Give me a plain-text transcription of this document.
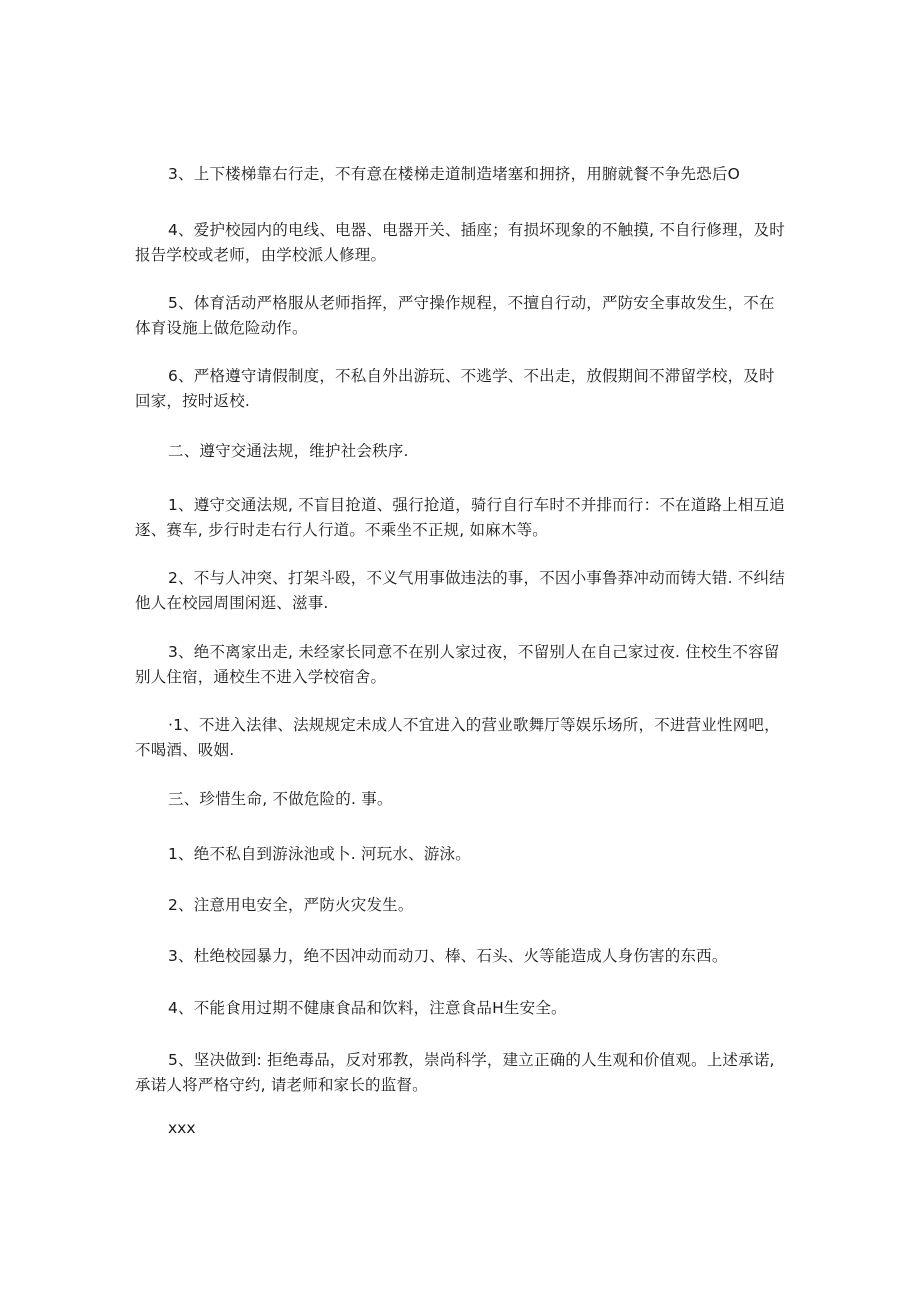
3、上下楼梯靠右行走，不有意在楼梯走道制造堵塞和拥挤，用腑就餐不争先恐后O

4、爱护校园内的电线、电器、电器开关、插座；有损坏现象的不触摸, 不自行修理，及时报告学校或老师，由学校派人修理。

5、体育活动严格服从老师指挥，严守操作规程，不擅自行动，严防安全事故发生，不在体育设施上做危险动作。

6、严格遵守请假制度，不私自外出游玩、不逃学、不出走，放假期间不滞留学校，及时回家，按时返校.

二、遵守交通法规，维护社会秩序.

1、遵守交通法规, 不盲目抢道、强行抢道，骑行自行车时不并排而行：不在道路上相互追逐、赛车, 步行时走右行人行道。不乘坐不正规, 如麻木等。

2、不与人冲突、打架斗殴，不义气用事做违法的事，不因小事鲁莽冲动而铸大错. 不纠结他人在校园周围闲逛、滋事.

3、绝不离家出走, 未经家长同意不在别人家过夜，不留别人在自己家过夜. 住校生不容留别人住宿，通校生不进入学校宿舍。

·1、不进入法律、法规规定未成人不宜进入的营业歌舞厅等娱乐场所，不进营业性网吧，不喝酒、吸姻.

三、珍惜生命, 不做危险的. 事。

1、绝不私自到游泳池或卜. 河玩水、游泳。

2、注意用电安全，严防火灾发生。

3、杜绝校园暴力，绝不因冲动而动刀、棒、石头、火等能造成人身伤害的东西。

4、不能食用过期不健康食品和饮料，注意食品H生安全。

5、坚决做到: 拒绝毒品，反对邪教，崇尚科学，建立正确的人生观和价值观。上述承诺, 承诺人将严格守约, 请老师和家长的监督。

xxx
